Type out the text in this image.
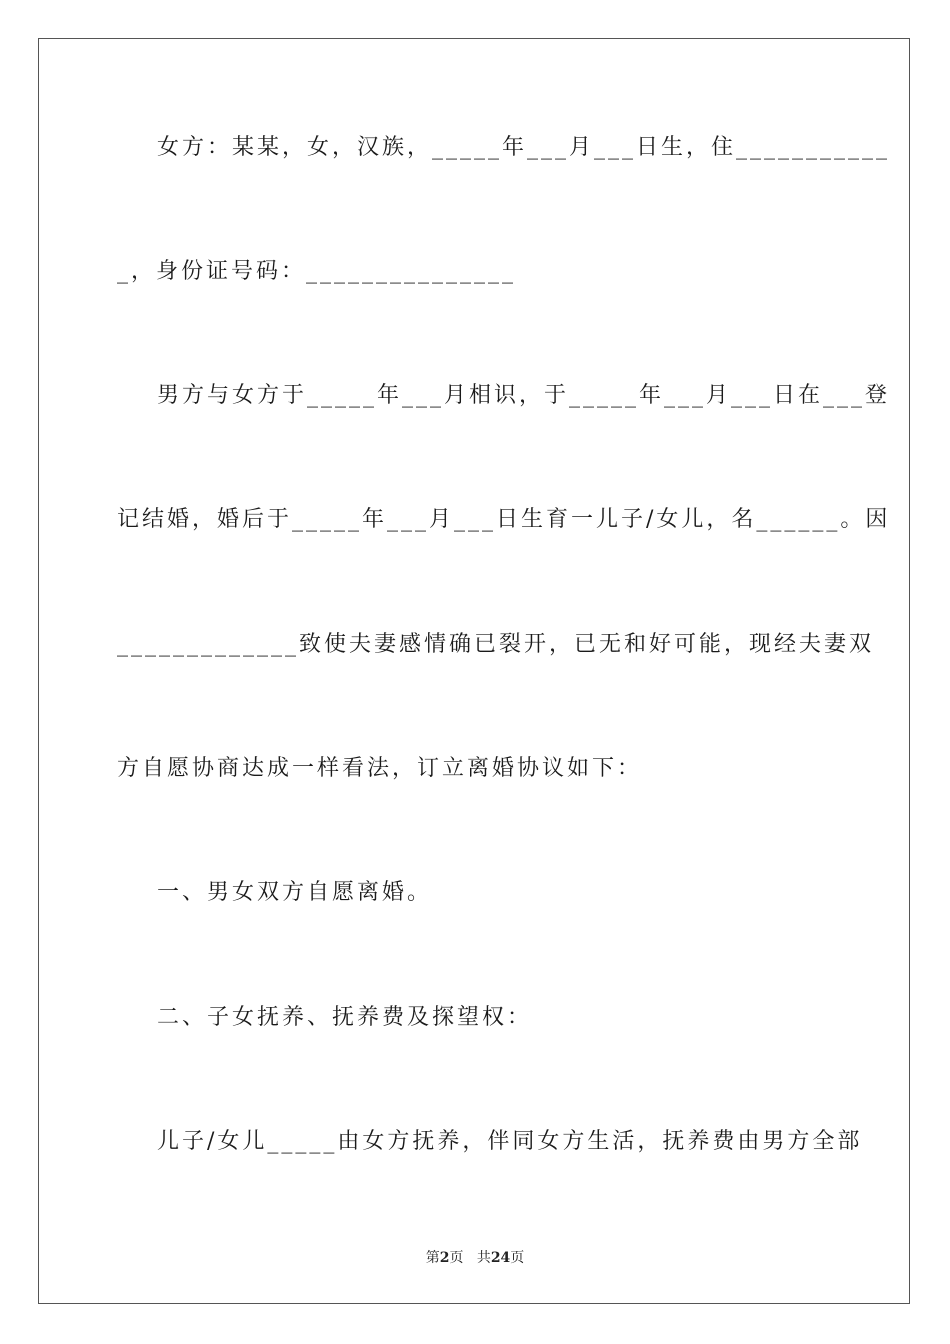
女方：某某，女，汉族，_____年___月___日生，住___________
_，身份证号码：_______________
男方与女方于_____年___月相识，于_____年___月___日在___登
记结婚，婚后于_____年___月___日生育一儿子/女儿，名______。因
_____________致使夫妻感情确已裂开，已无和好可能，现经夫妻双
方自愿协商达成一样看法，订立离婚协议如下：
一、男女双方自愿离婚。
二、子女抚养、抚养费及探望权：
儿子/女儿_____由女方抚养，伴同女方生活，抚养费由男方全部
第2页 共24页
